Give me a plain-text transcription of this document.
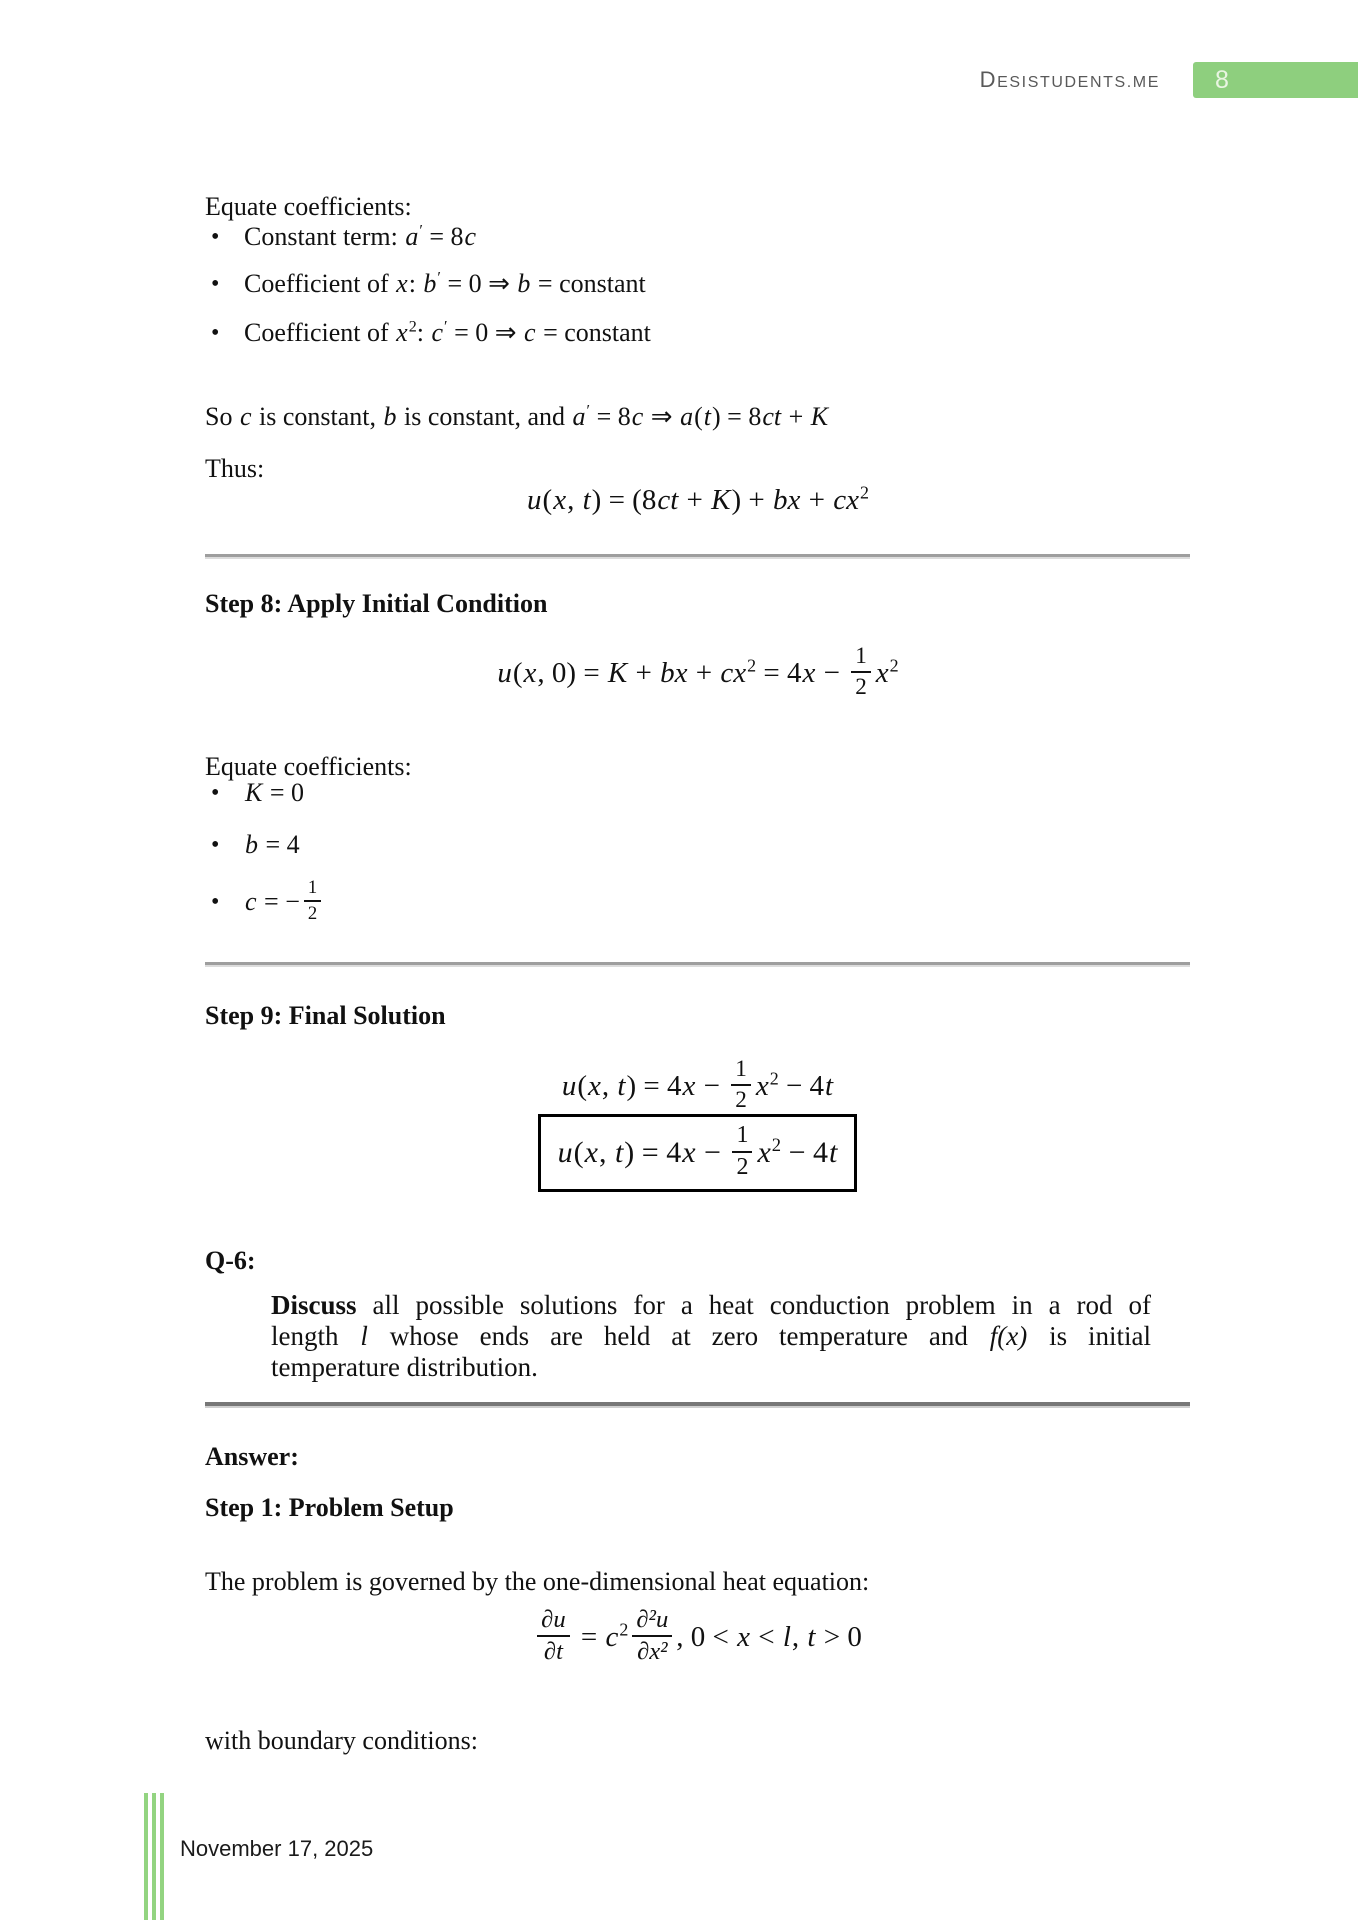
DESISTUDENTS.ME 8

Equate coefficients:

• Constant term: a′ = 8c
• Coefficient of x: b′ = 0 ⇒ b = constant
• Coefficient of $x^2$: c′ = 0 ⇒ c = constant

So c is constant, b is constant, and a′ = 8c ⇒ a(t) = 8ct + K

Thus:

u(x, t) = (8ct + K) + bx + $cx^2$
Step 8: Apply Initial Condition
u(x, 0) = K + bx + $cx^2 = 4x - \frac{1}{2} x^2$

Equate coefficients:

• K = 0
• b = 4
• c = − $\frac{1}{2}$
Step 9: Final Solution
u(x, $t) = 4x - \frac{1}{2} x^2 - 4t$
u(x, $t) = 4x - \frac{1}{2} x^2 - 4t$
Q-6:
Discuss all possible solutions for a heat conduction problem in a rod of
length l whose ends are held at zero temperature and f(x) is initial
temperature distribution.
Answer:
Step 1: Problem Setup

The problem is governed by the one-dimensional heat equation:

$\frac{\partial u}{\partial t} = c^2 \frac{\text{∂²u}}{\text{∂x²}}$ , 0 < x < l, t > 0

with boundary conditions:

November 17, 2025
